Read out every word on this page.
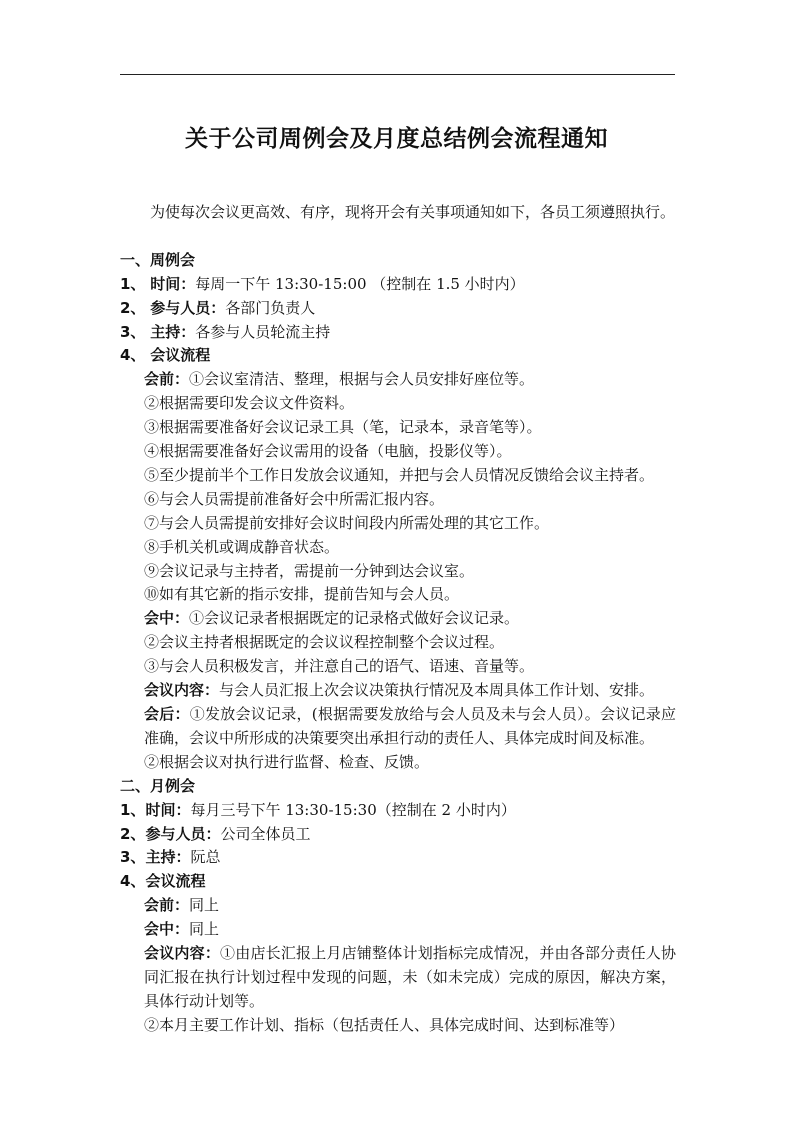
关于公司周例会及月度总结例会流程通知

为使每次会议更高效、有序，现将开会有关事项通知如下，各员工须遵照执行。

一、周例会

1、 时间：每周一下午 13:30-15:00 （控制在 1.5 小时内）

2、 参与人员：各部门负责人

3、 主持：各参与人员轮流主持

4、 会议流程

会前：①会议室清洁、整理，根据与会人员安排好座位等。

②根据需要印发会议文件资料。

③根据需要准备好会议记录工具（笔，记录本，录音笔等）。

④根据需要准备好会议需用的设备（电脑，投影仪等）。

⑤至少提前半个工作日发放会议通知，并把与会人员情况反馈给会议主持者。

⑥与会人员需提前准备好会中所需汇报内容。

⑦与会人员需提前安排好会议时间段内所需处理的其它工作。

⑧手机关机或调成静音状态。

⑨会议记录与主持者，需提前一分钟到达会议室。

⑩如有其它新的指示安排，提前告知与会人员。

会中：①会议记录者根据既定的记录格式做好会议记录。

②会议主持者根据既定的会议议程控制整个会议过程。

③与会人员积极发言，并注意自己的语气、语速、音量等。

会议内容：与会人员汇报上次会议决策执行情况及本周具体工作计划、安排。

会后：①发放会议记录，(根据需要发放给与会人员及未与会人员）。会议记录应准确，会议中所形成的决策要突出承担行动的责任人、具体完成时间及标准。

②根据会议对执行进行监督、检查、反馈。

二、月例会

1、时间：每月三号下午 13:30-15:30（控制在 2 小时内）

2、参与人员：公司全体员工

3、主持：阮总

4、会议流程

会前：同上

会中：同上

会议内容：①由店长汇报上月店铺整体计划指标完成情况，并由各部分责任人协同汇报在执行计划过程中发现的问题，未（如未完成）完成的原因，解决方案，具体行动计划等。

②本月主要工作计划、指标（包括责任人、具体完成时间、达到标准等）
